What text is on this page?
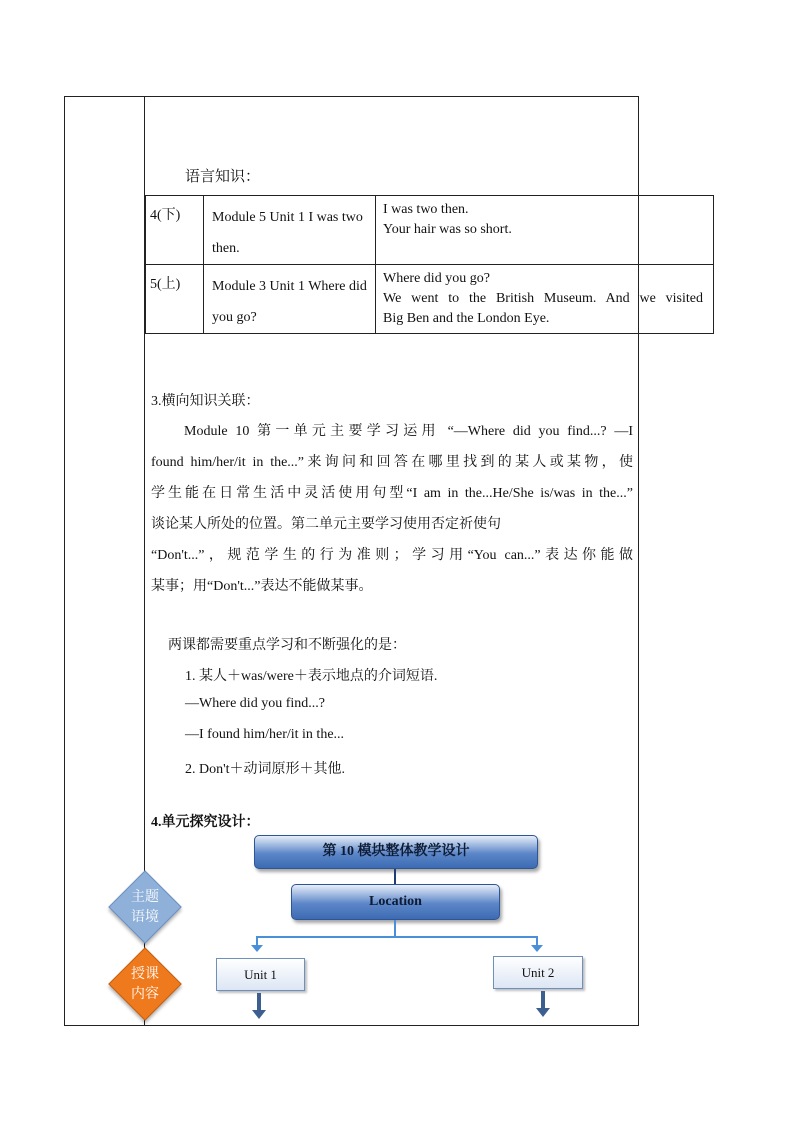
语言知识：
4(下)	Module 5 Unit 1 I was two then.	I was two then.
Your hair was so short.

5(上)	Module 3 Unit 1 Where did you go?	Where did you go?
We went to the British Museum. And we visited
Big Ben and the London Eye.
3.横向知识关联：
Module 10 第一单元主要学习运用 “—Where did you find...? —I
found him/her/it in the...”来询问和回答在哪里找到的某人或某物，使
学生能在日常生活中灵活使用句型“I am in the...He/She is/was in the...”
谈论某人所处的位置。第二单元主要学习使用否定祈使句
“Don't...”，规范学生的行为准则；学习用“You can...”表达你能做
某事；用“Don't...”表达不能做某事。
两课都需要重点学习和不断强化的是：
1. 某人＋was/were＋表示地点的介词短语.
—Where did you find...?
—I found him/her/it in the...
2. Don't＋动词原形＋其他.
4.单元探究设计：
第 10 模块整体教学设计
Location
Unit 1	Unit 2
主题语境
授课内容
